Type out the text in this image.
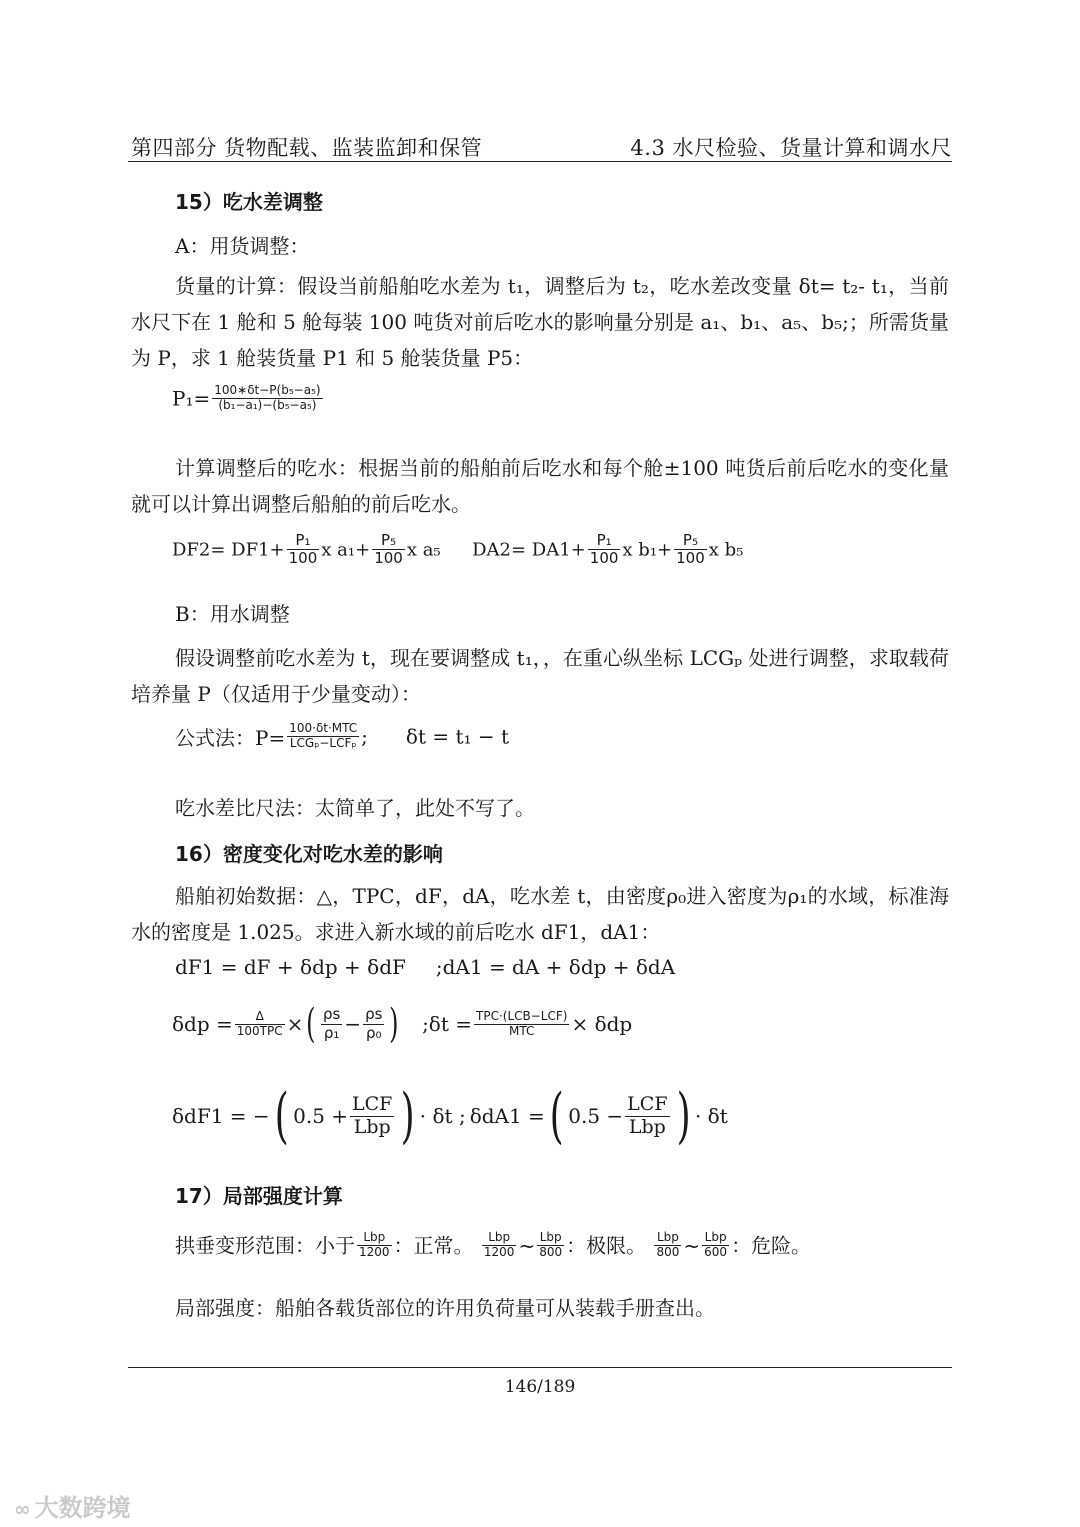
第四部分 货物配载、监装监卸和保管	4.3 水尺检验、货量计算和调水尺
15）吃水差调整
A：用货调整：
货量的计算：假设当前船舶吃水差为 t₁，调整后为 t₂，吃水差改变量 δt= t₂- t₁，当前水尺下在 1 舱和 5 舱每装 100 吨货对前后吃水的影响量分别是 a₁、b₁、a₅、b₅;；所需货量为 P，求 1 舱装货量 P1 和 5 舱装货量 P5：
$P_1= \frac{\text{100∗δt−P(b₅−a₅)}}{\text{(b₁−a₁)−(b₅−a₅)}}$
计算调整后的吃水：根据当前的船舶前后吃水和每个舱±100 吨货后前后吃水的变化量就可以计算出调整后船舶的前后吃水。
$DF2= DF1+ \frac{\text{P₁}}{100}$ x $a_1+ \frac{\text{P₅}}{100}$ x a₅ $DA2= DA1+ \frac{\text{P₁}}{100}$ x $b_1+ \frac{\text{P₅}}{100}$ x b₅
B：用水调整
假设调整前吃水差为 t，现在要调整成 t₁，，在重心纵坐标 LCGₚ 处进行调整，求取载荷培养量 P（仅适用于少量变动）：
公式法：$P= \frac{\text{100·δt·MTC}}{\text{LCGₚ−LCFₚ}}$ ; δt = t₁ − t
吃水差比尺法：太简单了，此处不写了。
16）密度变化对吃水差的影响
船舶初始数据：△，TPC，dF，dA，吃水差 t，由密度ρ₀进入密度为ρ₁的水域，标准海水的密度是 1.025。求进入新水域的前后吃水 dF1，dA1：
dF1 = dF + δdp + δdF ;dA1 = dA + δdp + δdA
$\delta dp = \frac{\Delta}{\text{100TPC}}$ ×( $\frac{\rho s}{\text{ρ₁}} - \frac{\rho s}{\text{ρ₀}}$ ) ;δt = $\frac{\text{TPC·(LCB−LCF)}}{\text{MTC}} \times \delta dp$
δdF1 = −( $0.5 + \frac{\text{LCF}}{\text{Lbp}}$ ) · δt ; δdA1 =( $0.5 - \frac{\text{LCF}}{\text{Lbp}}$ ) · δt
17）局部强度计算
拱垂变形范围：小于 $\frac{\text{Lbp}}{1200}$ ：正常。 $\frac{\text{Lbp}}{1200}$ ~ $\frac{\text{Lbp}}{800}$ ：极限。 $\frac{\text{Lbp}}{800}$ ~ $\frac{\text{Lbp}}{600}$ ：危险。
局部强度：船舶各载货部位的许用负荷量可从装载手册查出。
146/189
∞ 大数跨境
